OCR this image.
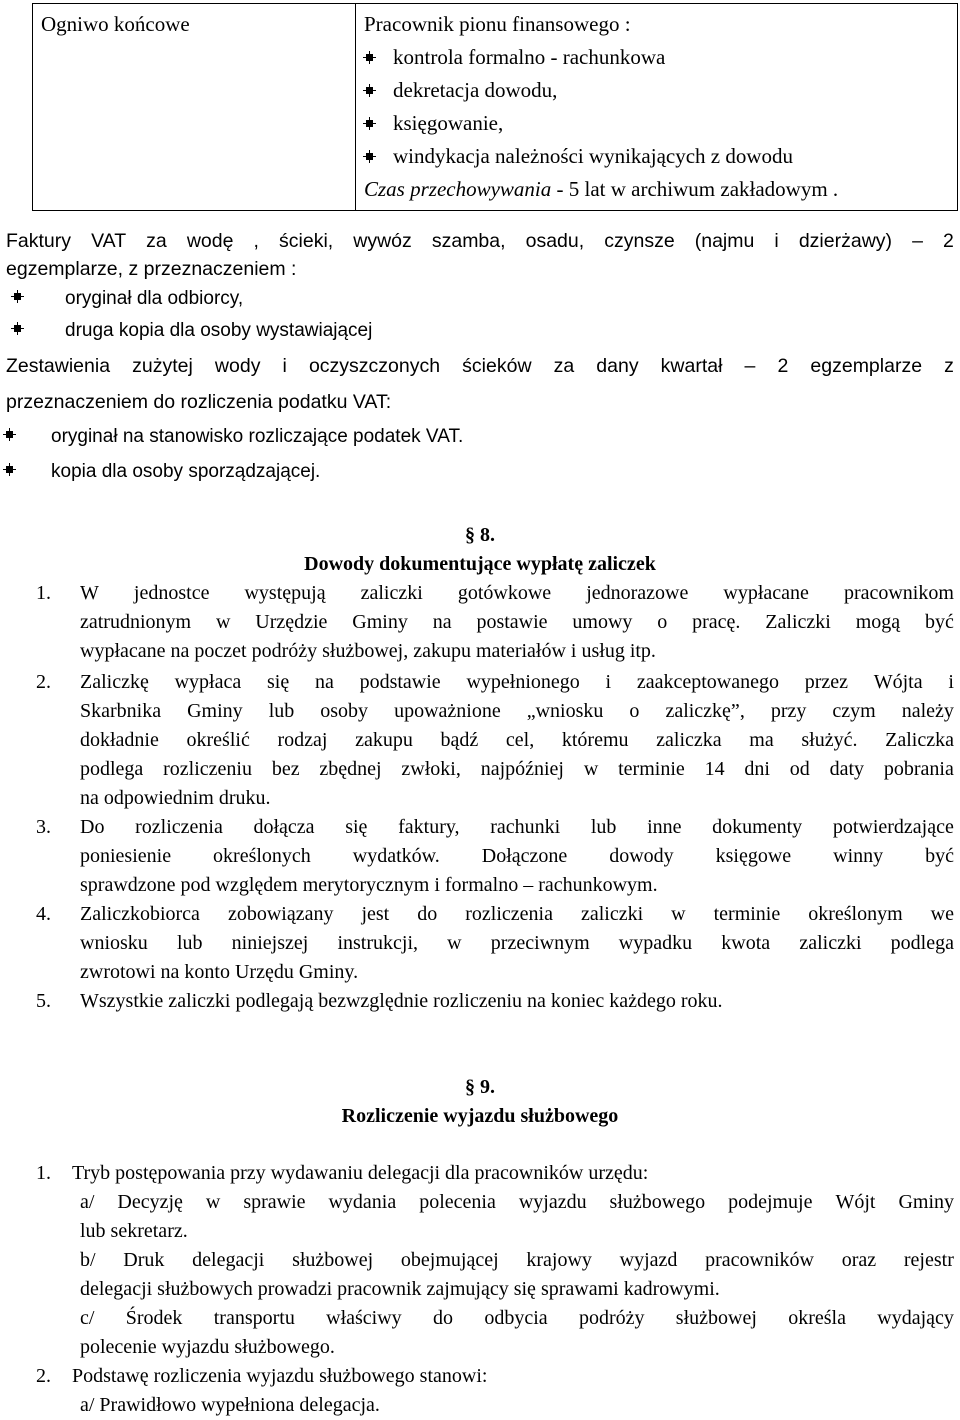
Ogniwo końcowe	Pracownik pionu finansowego :
kontrola formalno - rachunkowa
dekretacja dowodu,
księgowanie,
windykacja należności wynikających z dowodu
Czas przechowywania - 5 lat w archiwum zakładowym .
Faktury VAT za wodę , ścieki, wywóz szamba, osadu, czynsze (najmu i dzierżawy) – 2
egzemplarze, z przeznaczeniem :
oryginał dla odbiorcy,
druga kopia dla osoby wystawiającej
Zestawienia zużytej wody i oczyszczonych ścieków za dany kwartał – 2 egzemplarze z
przeznaczeniem do rozliczenia podatku VAT:
oryginał na stanowisko rozliczające podatek VAT.
kopia dla osoby sporządzającej.
§ 8.
Dowody dokumentujące wypłatę zaliczek
1. W jednostce występują zaliczki gotówkowe jednorazowe wypłacane pracownikom
zatrudnionym w Urzędzie Gminy na postawie umowy o pracę. Zaliczki mogą być
wypłacane na poczet podróży służbowej, zakupu materiałów i usług itp.
2. Zaliczkę wypłaca się na podstawie wypełnionego i zaakceptowanego przez Wójta i
Skarbnika Gminy lub osoby upoważnione „wniosku o zaliczkę”, przy czym należy
dokładnie określić rodzaj zakupu bądź cel, któremu zaliczka ma służyć. Zaliczka
podlega rozliczeniu bez zbędnej zwłoki, najpóźniej w terminie 14 dni od daty pobrania
na odpowiednim druku.
3. Do rozliczenia dołącza się faktury, rachunki lub inne dokumenty potwierdzające
poniesienie określonych wydatków. Dołączone dowody księgowe winny być
sprawdzone pod względem merytorycznym i formalno – rachunkowym.
4. Zaliczkobiorca zobowiązany jest do rozliczenia zaliczki w terminie określonym we
wniosku lub niniejszej instrukcji, w przeciwnym wypadku kwota zaliczki podlega
zwrotowi na konto Urzędu Gminy.
5. Wszystkie zaliczki podlegają bezwzględnie rozliczeniu na koniec każdego roku.
§ 9.
Rozliczenie wyjazdu służbowego
1. Tryb postępowania przy wydawaniu delegacji dla pracowników urzędu:
a/ Decyzję w sprawie wydania polecenia wyjazdu służbowego podejmuje Wójt Gminy
lub sekretarz.
b/ Druk delegacji służbowej obejmującej krajowy wyjazd pracowników oraz rejestr
delegacji służbowych prowadzi pracownik zajmujący się sprawami kadrowymi.
c/ Środek transportu właściwy do odbycia podróży służbowej określa wydający
polecenie wyjazdu służbowego.
2. Podstawę rozliczenia wyjazdu służbowego stanowi:
a/ Prawidłowo wypełniona delegacja.
